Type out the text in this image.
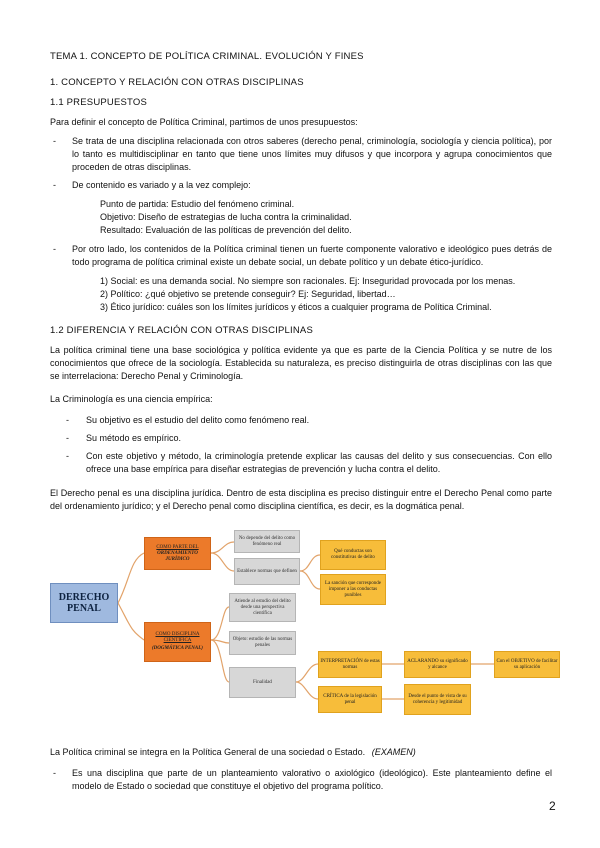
TEMA 1. CONCEPTO DE POLÍTICA CRIMINAL. EVOLUCIÓN Y FINES

1. CONCEPTO Y RELACIÓN CON OTRAS DISCIPLINAS

1.1 PRESUPUESTOS

Para definir el concepto de Política Criminal, partimos de unos presupuestos:

- Se trata de una disciplina relacionada con otros saberes (derecho penal, criminología, sociología y ciencia política), por lo tanto es multidisciplinar en tanto que tiene unos límites muy difusos y que incorpora y agrupa conocimientos que proceden de otras disciplinas.

- De contenido es variado y a la vez complejo:

Punto de partida: Estudio del fenómeno criminal.

Objetivo: Diseño de estrategias de lucha contra la criminalidad.

Resultado: Evaluación de las políticas de prevención del delito.

- Por otro lado, los contenidos de la Política criminal tienen un fuerte componente valorativo e ideológico pues detrás de todo programa de política criminal existe un debate social, un debate político y un debate ético-jurídico.

1) Social: es una demanda social. No siempre son racionales. Ej: Inseguridad provocada por los menas.

2) Político: ¿qué objetivo se pretende conseguir? Ej: Seguridad, libertad…

3) Ético jurídico: cuáles son los límites jurídicos y éticos a cualquier programa de Política Criminal.

1.2 DIFERENCIA Y RELACIÓN CON OTRAS DISCIPLINAS

La política criminal tiene una base sociológica y política evidente ya que es parte de la Ciencia Política y se nutre de los conocimientos que ofrece de la sociología. Establecida su naturaleza, es preciso distinguirla de otras disciplinas con las que se interrelaciona: Derecho Penal y Criminología.

La Criminología es una ciencia empírica:

- Su objetivo es el estudio del delito como fenómeno real.

- Su método es empírico.

- Con este objetivo y método, la criminología pretende explicar las causas del delito y sus consecuencias. Con ello ofrece una base empírica para diseñar estrategias de prevención y lucha contra el delito.

El Derecho penal es una disciplina jurídica. Dentro de esta disciplina es preciso distinguir entre el Derecho Penal como parte del ordenamiento jurídico; y el Derecho penal como disciplina científica, es decir, es la dogmática penal.

DERECHO PENAL
COMO PARTE DEL
ORDENAMIENTO JURÍDICO
No depende del delito como fenómeno real
Establece normas que definen
Qué conductas son constitutivas de delito
La sanción que corresponde imponer a las conductas punibles
COMO DISCIPLINA CIENTÍFICA
(DOGMÁTICA PENAL)
Atiende al estudio del delito desde una perspectiva científica
Objeto: estudio de las normas penales
Finalidad
INTERPRETACIÓN de estas normas
ACLARANDO su significado y alcance
Con el OBJETIVO de facilitar su aplicación
CRÍTICA de la legislación penal
Desde el punto de vista de su coherencia y legitimidad

La Política criminal se integra en la Política General de una sociedad o Estado. (EXAMEN)

- Es una disciplina que parte de un planteamiento valorativo o axiológico (ideológico). Este planteamiento define el modelo de Estado o sociedad que constituye el objetivo del programa político.

2
